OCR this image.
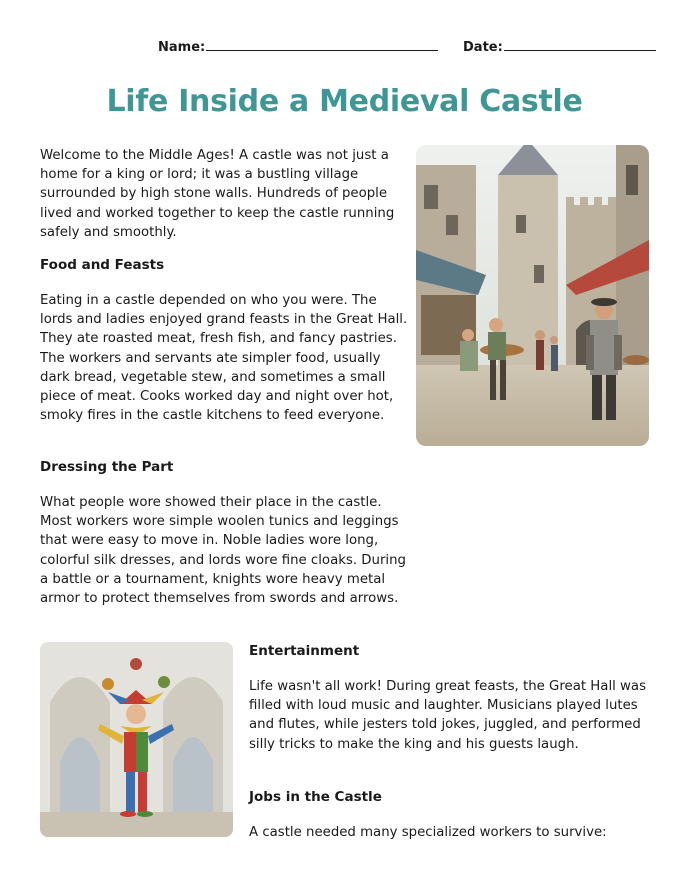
Name:	Date:
Life Inside a Medieval Castle

Welcome to the Middle Ages! A castle was not just a home for a king or lord; it was a bustling village surrounded by high stone walls. Hundreds of people lived and worked together to keep the castle running safely and smoothly.

Food and Feasts

Eating in a castle depended on who you were. The lords and ladies enjoyed grand feasts in the Great Hall. They ate roasted meat, fresh fish, and fancy pastries. The workers and servants ate simpler food, usually dark bread, vegetable stew, and sometimes a small piece of meat. Cooks worked day and night over hot, smoky fires in the castle kitchens to feed everyone.

Dressing the Part

What people wore showed their place in the castle. Most workers wore simple woolen tunics and leggings that were easy to move in. Noble ladies wore long, colorful silk dresses, and lords wore fine cloaks. During a battle or a tournament, knights wore heavy metal armor to protect themselves from swords and arrows.

Entertainment

Life wasn't all work! During great feasts, the Great Hall was filled with loud music and laughter. Musicians played lutes and flutes, while jesters told jokes, juggled, and performed silly tricks to make the king and his guests laugh.

Jobs in the Castle

A castle needed many specialized workers to survive:
